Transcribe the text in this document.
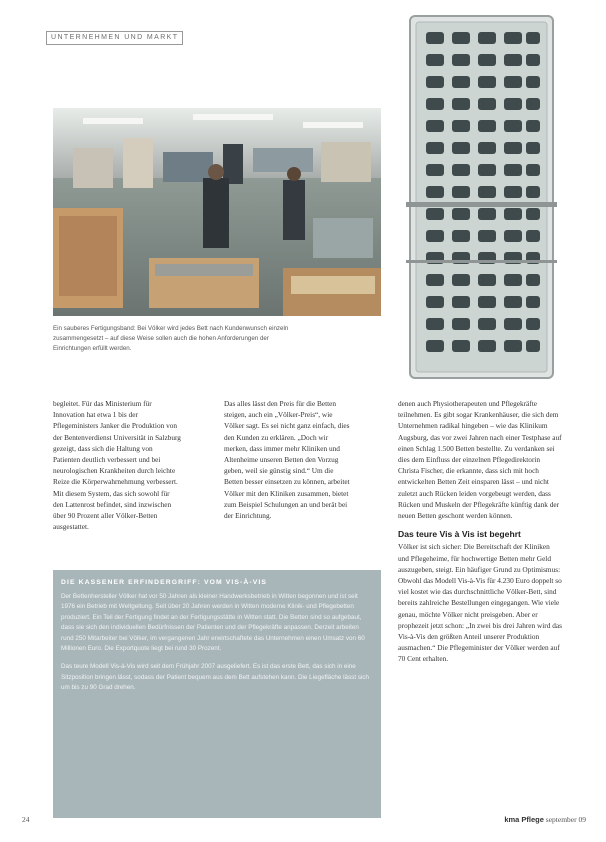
UNTERNEHMEN UND MARKT
Ein sauberes Fertigungsband: Bei Völker wird jedes Bett nach Kundenwunsch einzeln zusammengesetzt – auf diese Weise sollen auch die hohen Anforderungen der Einrichtungen erfüllt werden.
begleitet. Für das Ministerium für Innovation hat etwa 1 bis der Pflegeministers Janker die Produktion von der Bentenverdienst Universität in Salzburg gezeigt, dass sich die Haltung von Patienten deutlich verbessert und bei neurologischen Krankheiten durch leichte Reize die Körperwahrnehmung verbessert. Mit diesem System, das sich sowohl für den Lattenrost befindet, sind inzwischen über 90 Prozent aller Völker-Betten ausgestattet.
Das alles lässt den Preis für die Betten steigen, auch ein „Völker-Preis“, wie Völker sagt. Es sei nicht ganz einfach, dies den Kunden zu erklären. „Doch wir merken, dass immer mehr Kliniken und Altenheime unseren Betten den Vorzug geben, weil sie günstig sind.“ Um die Betten besser einsetzen zu können, arbeitet Völker mit den Kliniken zusammen, bietet zum Beispiel Schulungen an und berät bei der Einrichtung.
denen auch Physiotherapeuten und Pflegekräfte teilnehmen. Es gibt sogar Krankenhäuser, die sich dem Unternehmen radikal hingeben – wie das Klinikum Augsburg, das vor zwei Jahren nach einer Testphase auf einen Schlag 1.500 Betten bestellte. Zu verdanken sei dies dem Einfluss der einzelnen Pflegedirektorin Christa Fischer, die erkannte, dass sich mit hoch entwickelten Betten Zeit einsparen lässt – und nicht zuletzt auch Rücken leiden vorgebeugt werden, dass Rücken und Muskeln der Pflegekräfte künftig dank der neuen Betten geschont werden können.
Das teure Vis à Vis ist begehrt
Völker ist sich sicher: Die Bereitschaft der Kliniken und Pflegeheime, für hochwertige Betten mehr Geld auszugeben, steigt. Ein häufiger Grund zu Optimismus: Obwohl das Modell Vis-à-Vis für 4.230 Euro doppelt so viel kostet wie das durchschnittliche Völker-Bett, sind bereits zahlreiche Bestellungen eingegangen. Wie viele genau, möchte Völker nicht preisgeben. Aber er prophezeit jetzt schon: „In zwei bis drei Jahren wird das Vis-à-Vis den größten Anteil unserer Produktion ausmachen.“ Die Pflegeminister der Völker werden auf 70 Cent erhalten.
DIE KASSENER ERFINDERGRIFF: VOM VIS-À-VIS

Der Bettenhersteller Völker hat vor 50 Jahren als kleiner Handwerksbetrieb in Witten begonnen und ist seit 1976 ein Betrieb mit Weltgeltung. Seit über 20 Jahren werden in Witten moderne Klinik- und Pflegebetten produziert. Ein Teil der Fertigung findet an der Fertigungsstätte in Witten statt. Die Betten sind so aufgebaut, dass sie sich den individuellen Bedürfnissen der Patienten und der Pflegekräfte anpassen. Derzeit arbeiten rund 250 Mitarbeiter bei Völker, im vergangenen Jahr erwirtschaftete das Unternehmen einen Umsatz von 60 Millionen Euro. Die Exportquote liegt bei rund 30 Prozent.

Das teure Modell Vis-à-Vis wird seit dem Frühjahr 2007 ausgeliefert. Es ist das erste Bett, das sich in eine Sitzposition bringen lässt, sodass der Patient bequem aus dem Bett aufstehen kann. Die Liegefläche lässt sich um bis zu 90 Grad drehen.

24	kma Pflege september 09
